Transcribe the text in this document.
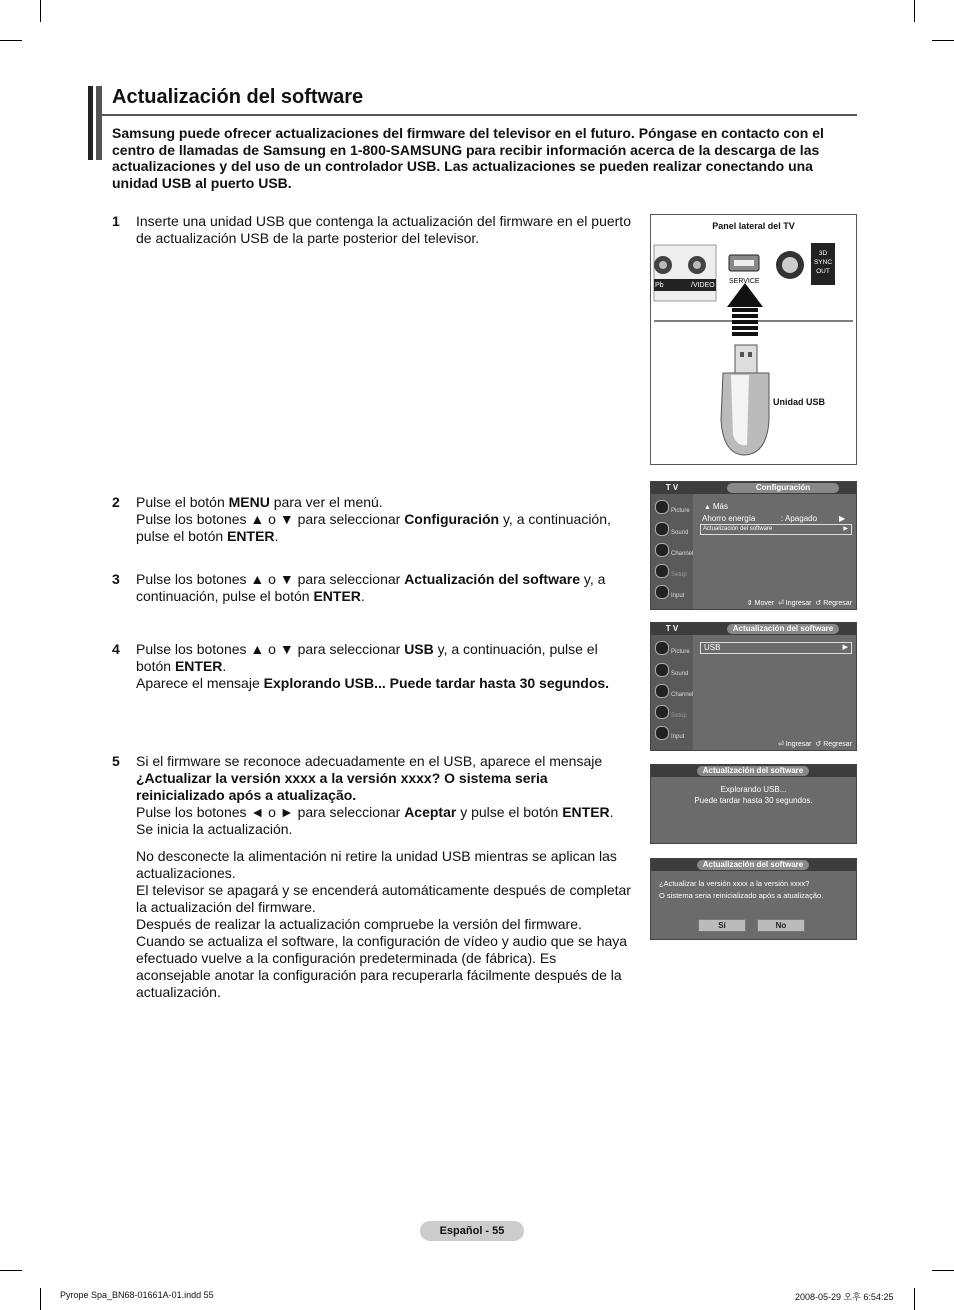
Actualización del software
Samsung puede ofrecer actualizaciones del firmware del televisor en el futuro. Póngase en contacto con el centro de llamadas de Samsung en 1-800-SAMSUNG para recibir información acerca de la descarga de las actualizaciones y del uso de un controlador USB. Las actualizaciones se pueden realizar conectando una unidad USB al puerto USB.
1 Inserte una unidad USB que contenga la actualización del firmware en el puerto de actualización USB de la parte posterior del televisor.

2 Pulse el botón MENU para ver el menú.

Pulse los botones ▲ o ▼ para seleccionar Configuración y, a continuación, pulse el botón ENTER.

3 Pulse los botones ▲ o ▼ para seleccionar Actualización del software y, a continuación, pulse el botón ENTER.

4 Pulse los botones ▲ o ▼ para seleccionar USB y, a continuación, pulse el botón ENTER.

Aparece el mensaje Explorando USB... Puede tardar hasta 30 segundos.

5 Si el firmware se reconoce adecuadamente en el USB, aparece el mensaje ¿Actualizar la versión xxxx a la versión xxxx? O sistema seria reinicializado após a atualização.

Pulse los botones ◄ o ► para seleccionar Aceptar y pulse el botón ENTER.

Se inicia la actualización.

No desconecte la alimentación ni retire la unidad USB mientras se aplican las actualizaciones.

El televisor se apagará y se encenderá automáticamente después de completar la actualización del firmware.

Después de realizar la actualización compruebe la versión del firmware.

Cuando se actualiza el software, la configuración de vídeo y audio que se haya efectuado vuelve a la configuración predeterminada (de fábrica). Es aconsejable anotar la configuración para recuperarla fácilmente después de la actualización.

Panel lateral del TV
Pb	/VIDEO
SERVICE
3D SYNC OUT
Unidad USB
T V	Configuración
Picture
Sound
Channel
Setup
Input
▲ Más
Ahorro energía	: Apagado	▶
Actualización del software	▶
⇕ Mover ⏎ Ingresar ↺ Regresar
T V	Actualización del software
Picture
Sound
Channel
Setup
Input
USB	▶
⏎ Ingresar ↺ Regresar
Actualización del software
Explorando USB...
Puede tardar hasta 30 segundos.
Actualización del software
¿Actualizar la versión xxxx a la versión xxxx?
O sistema seria reinicializado após a atualização.
Sí	No
Español - 55
Pyrope Spa_BN68-01661A-01.indd 55	2008-05-29 오후 6:54:25
